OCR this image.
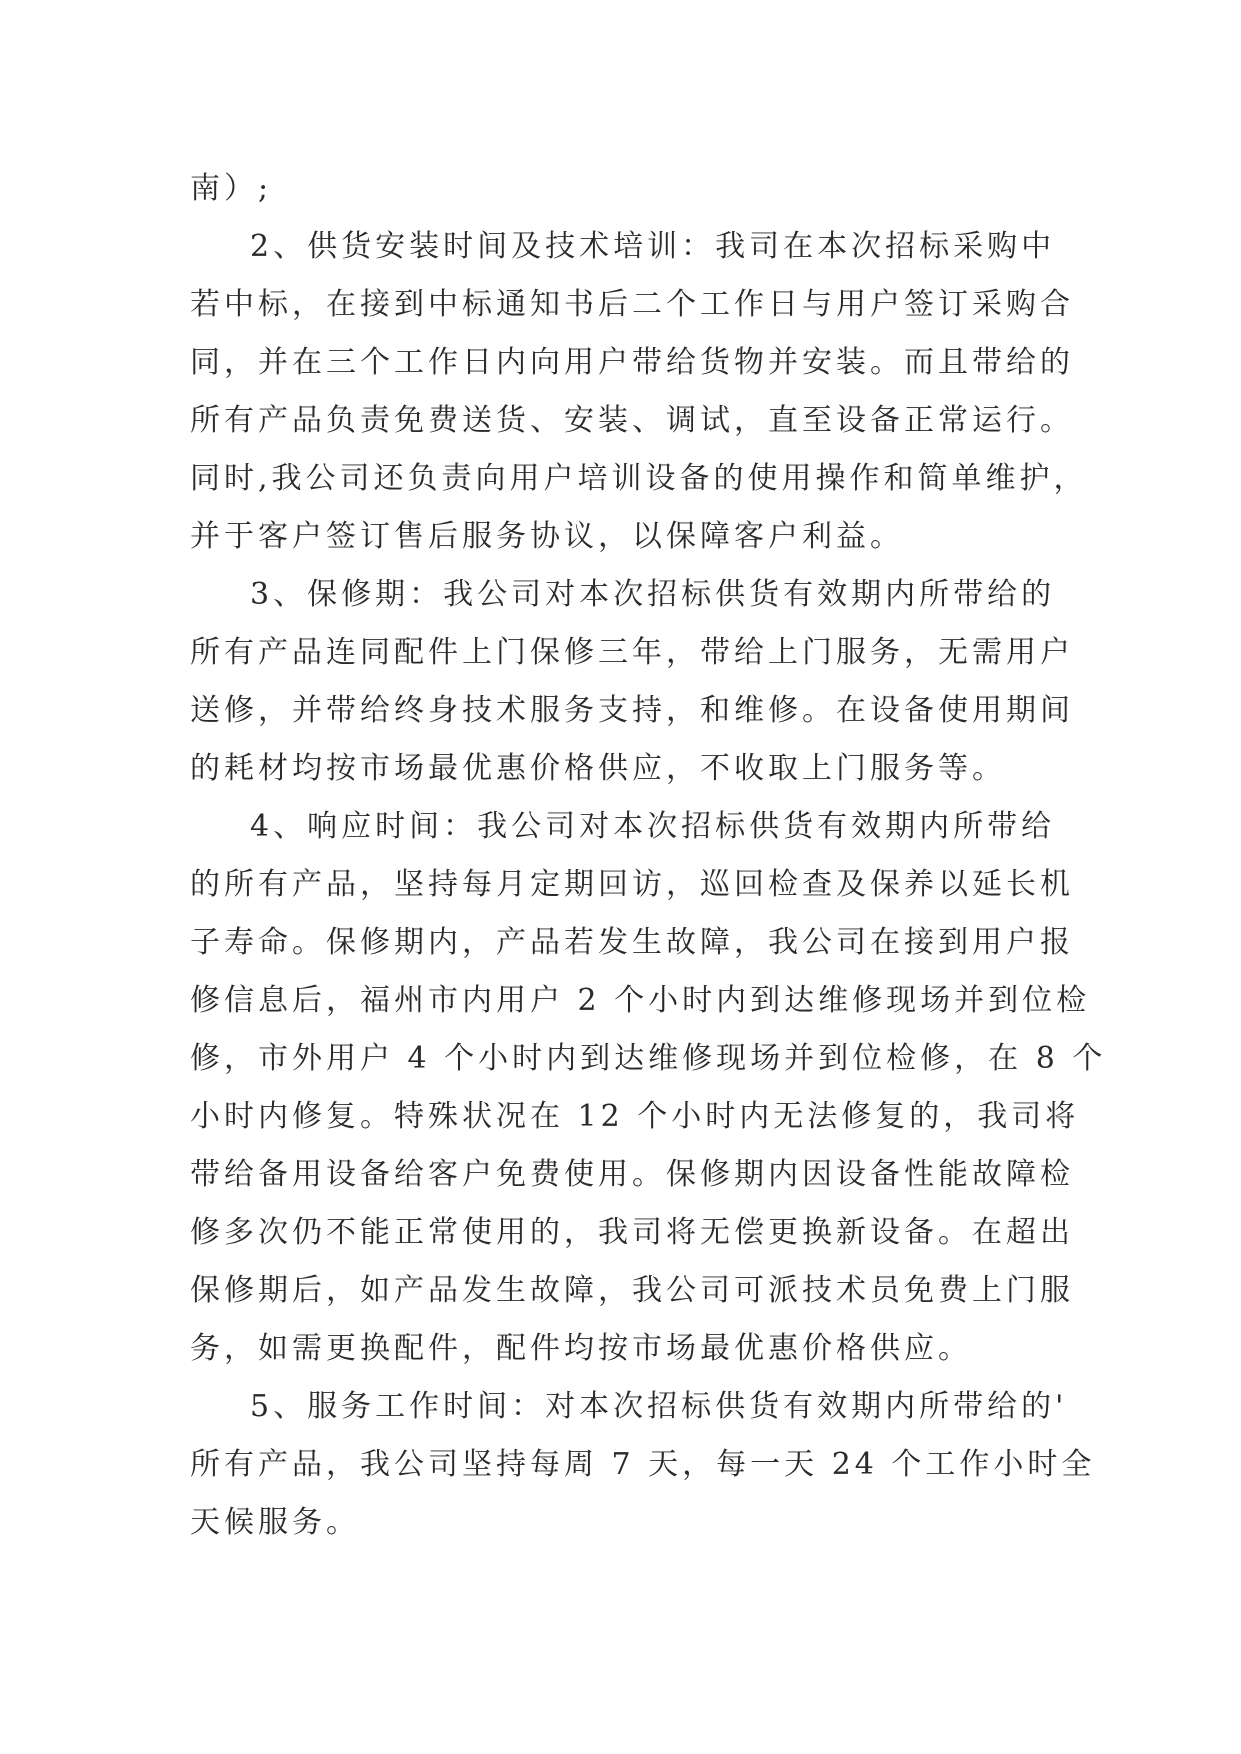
南）;
2、供货安装时间及技术培训：我司在本次招标采购中
若中标，在接到中标通知书后二个工作日与用户签订采购合
同，并在三个工作日内向用户带给货物并安装。而且带给的
所有产品负责免费送货、安装、调试，直至设备正常运行。
同时,我公司还负责向用户培训设备的使用操作和简单维护，
并于客户签订售后服务协议，以保障客户利益。
3、保修期：我公司对本次招标供货有效期内所带给的
所有产品连同配件上门保修三年，带给上门服务，无需用户
送修，并带给终身技术服务支持，和维修。在设备使用期间
的耗材均按市场最优惠价格供应，不收取上门服务等。
4、响应时间：我公司对本次招标供货有效期内所带给
的所有产品，坚持每月定期回访，巡回检查及保养以延长机
子寿命。保修期内，产品若发生故障，我公司在接到用户报
修信息后，福州市内用户 2 个小时内到达维修现场并到位检
修，市外用户 4 个小时内到达维修现场并到位检修，在 8 个
小时内修复。特殊状况在 12 个小时内无法修复的，我司将
带给备用设备给客户免费使用。保修期内因设备性能故障检
修多次仍不能正常使用的，我司将无偿更换新设备。在超出
保修期后，如产品发生故障，我公司可派技术员免费上门服
务，如需更换配件，配件均按市场最优惠价格供应。
5、服务工作时间：对本次招标供货有效期内所带给的'
所有产品，我公司坚持每周 7 天，每一天 24 个工作小时全
天候服务。
